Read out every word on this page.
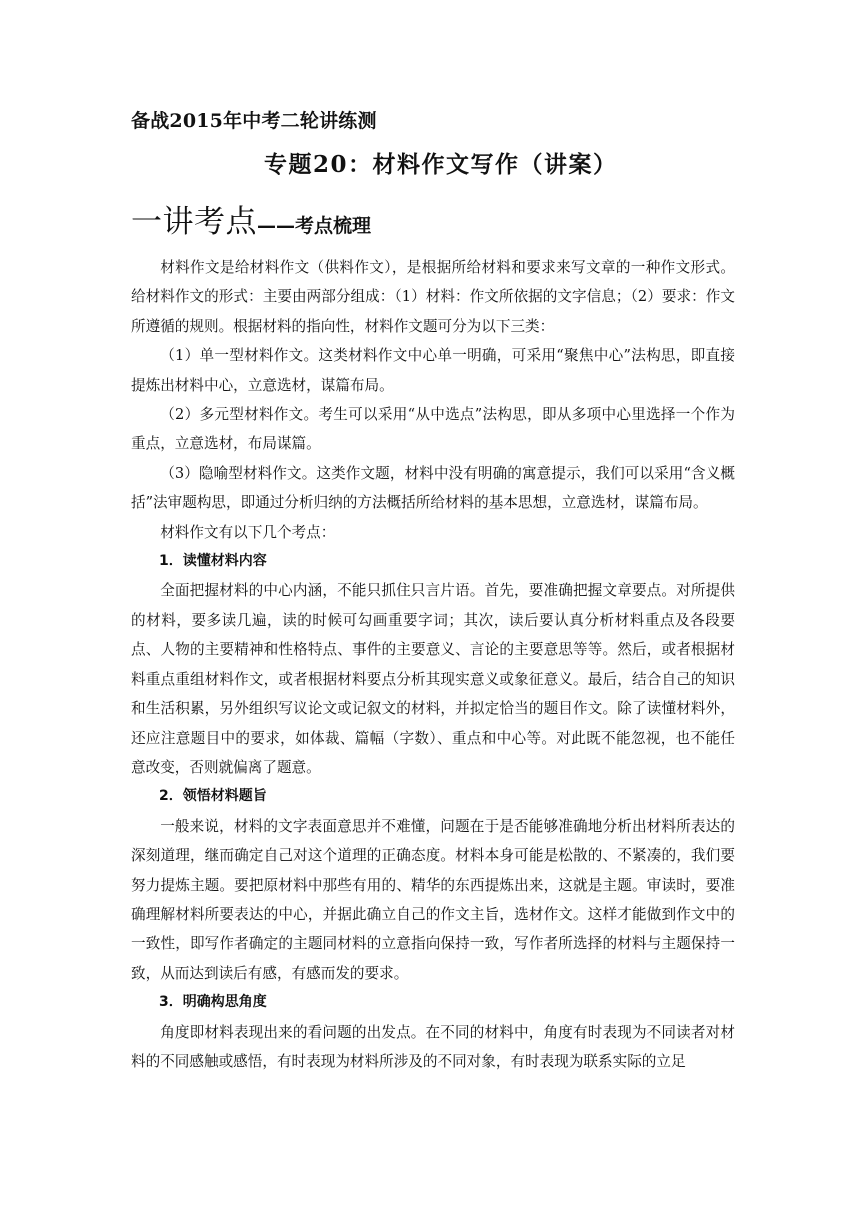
备战2015年中考二轮讲练测
专题20：材料作文写作（讲案）
一讲考点——考点梳理

材料作文是给材料作文（供料作文），是根据所给材料和要求来写文章的一种作文形式。给材料作文的形式：主要由两部分组成：（1）材料：作文所依据的文字信息；（2）要求：作文所遵循的规则。根据材料的指向性，材料作文题可分为以下三类：

（1）单一型材料作文。这类材料作文中心单一明确，可采用“聚焦中心”法构思，即直接提炼出材料中心，立意选材，谋篇布局。

（2）多元型材料作文。考生可以采用“从中选点”法构思，即从多项中心里选择一个作为重点，立意选材，布局谋篇。

（3）隐喻型材料作文。这类作文题，材料中没有明确的寓意提示，我们可以采用“含义概括”法审题构思，即通过分析归纳的方法概括所给材料的基本思想，立意选材，谋篇布局。

材料作文有以下几个考点：

1．读懂材料内容

全面把握材料的中心内涵，不能只抓住只言片语。首先，要准确把握文章要点。对所提供的材料，要多读几遍，读的时候可勾画重要字词；其次，读后要认真分析材料重点及各段要点、人物的主要精神和性格特点、事件的主要意义、言论的主要意思等等。然后，或者根据材料重点重组材料作文，或者根据材料要点分析其现实意义或象征意义。最后，结合自己的知识和生活积累，另外组织写议论文或记叙文的材料，并拟定恰当的题目作文。除了读懂材料外，还应注意题目中的要求，如体裁、篇幅（字数）、重点和中心等。对此既不能忽视，也不能任意改变，否则就偏离了题意。

2．领悟材料题旨

一般来说，材料的文字表面意思并不难懂，问题在于是否能够准确地分析出材料所表达的深刻道理，继而确定自己对这个道理的正确态度。材料本身可能是松散的、不紧凑的，我们要努力提炼主题。要把原材料中那些有用的、精华的东西提炼出来，这就是主题。审读时，要准确理解材料所要表达的中心，并据此确立自己的作文主旨，选材作文。这样才能做到作文中的一致性，即写作者确定的主题同材料的立意指向保持一致，写作者所选择的材料与主题保持一致，从而达到读后有感，有感而发的要求。

3．明确构思角度

角度即材料表现出来的看问题的出发点。在不同的材料中，角度有时表现为不同读者对材料的不同感触或感悟，有时表现为材料所涉及的不同对象，有时表现为联系实际的立足
